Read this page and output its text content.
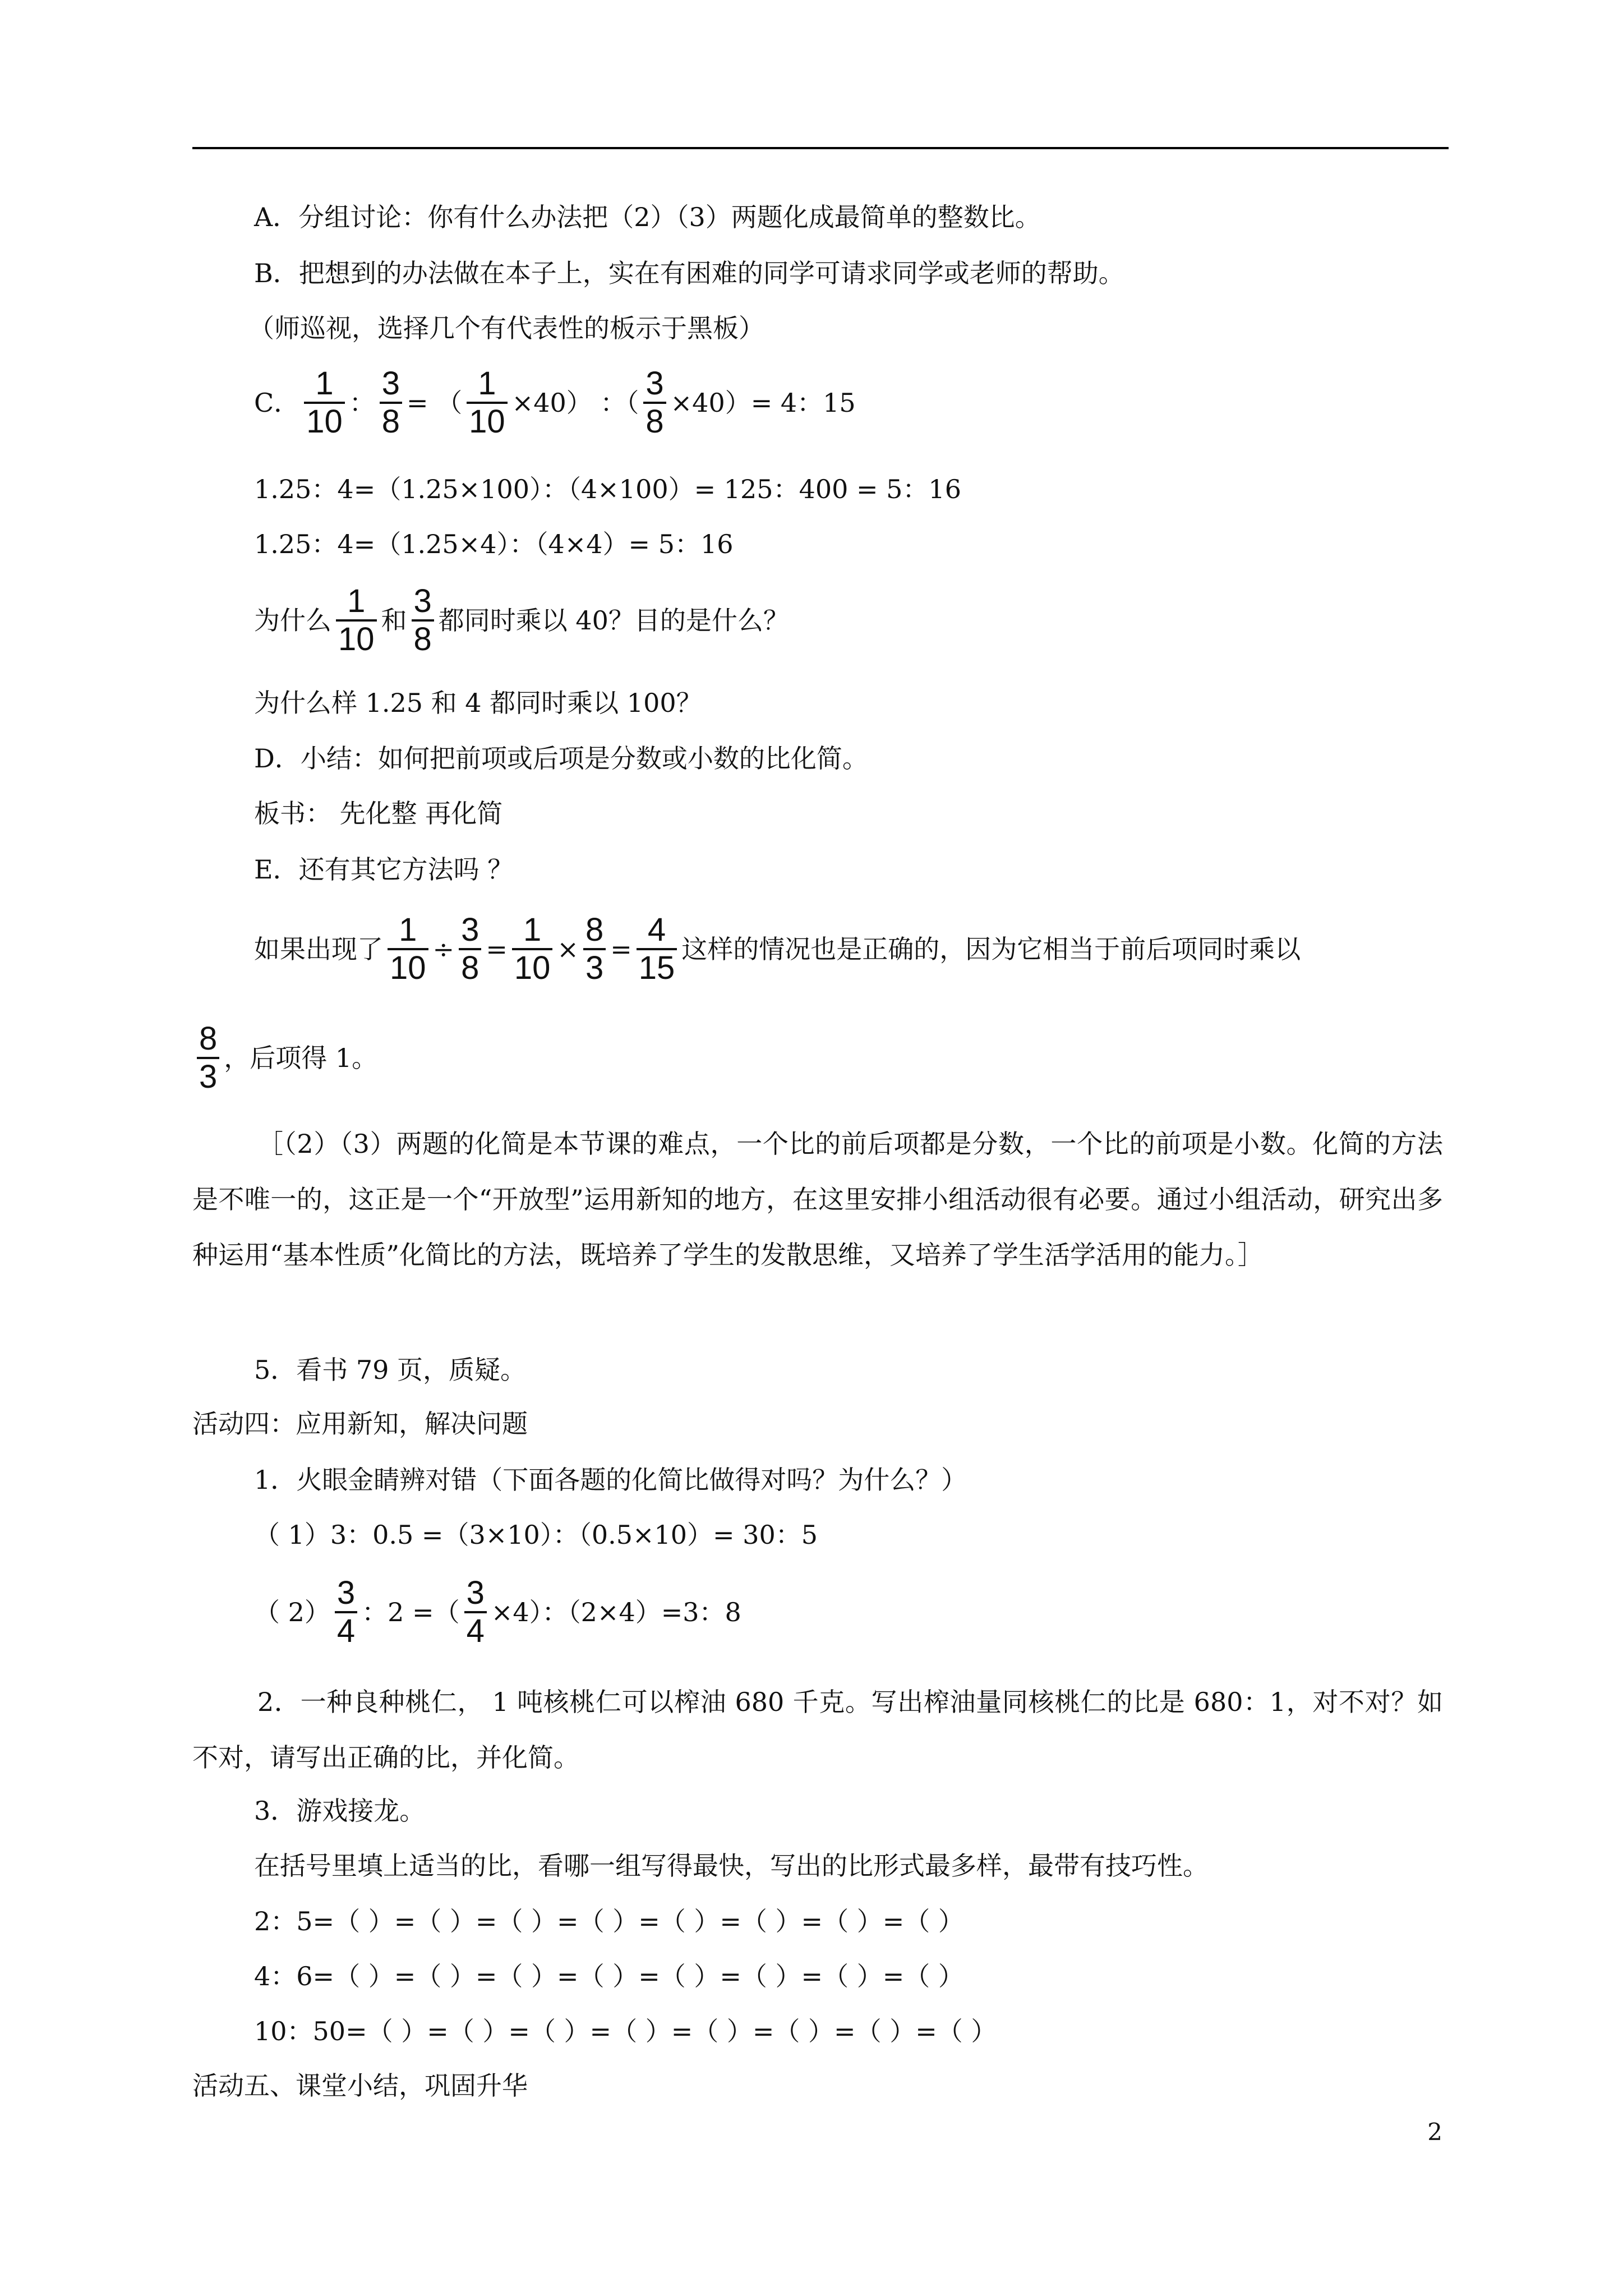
A．分组讨论：你有什么办法把（2）（3）两题化成最简单的整数比。
B．把想到的办法做在本子上，实在有困难的同学可请求同学或老师的帮助。
（师巡视，选择几个有代表性的板示于黑板）
C． $\frac{1}{10}$ ： $\frac{3}{8}$ = （ $\frac{1}{10} \times 40$） ：（ $\frac{3}{8} \times 40)= 4$：15
1.25：4=（1.25×100）：（4×100）= 125：400 = 5：16
1.25：4=（1.25×4）：（4×4）= 5：16
为什么 $\frac{1}{10}$ 和 $\frac{3}{8}$ 都同时乘以 40？目的是什么？
为什么样 1.25 和 4 都同时乘以 100？
D．小结：如何把前项或后项是分数或小数的比化简。
板书： 先化整 再化简
E．还有其它方法吗 ？
如果出现了 $\frac{1}{10} \div \frac{3}{8} = \frac{1}{10} \times \frac{8}{3} = \frac{4}{15}$ 这样的情况也是正确的，因为它相当于前后项同时乘以
$\frac{8}{3}$ ，后项得 1。
［（2）（3）两题的化简是本节课的难点，一个比的前后项都是分数，一个比的前项是小数。化简的方法是不唯一的，这正是一个“开放型”运用新知的地方，在这里安排小组活动很有必要。通过小组活动，研究出多种运用“基本性质”化简比的方法，既培养了学生的发散思维，又培养了学生活学活用的能力。］
5．看书 79 页，质疑。
活动四：应用新知，解决问题
1．火眼金睛辨对错（下面各题的化简比做得对吗？为什么？）
（ 1）3：0.5 =（3×10）：（0.5×10）= 30：5
（ $2) \frac{3}{4}$ ：2 =（ $\frac{3}{4} \times 4$）：（2×4）=3：8
2．一种良种桃仁， 1 吨核桃仁可以榨油 680 千克。写出榨油量同核桃仁的比是 680：1，对不对？如不对，请写出正确的比，并化简。
3．游戏接龙。
在括号里填上适当的比，看哪一组写得最快，写出的比形式最多样，最带有技巧性。
2：5=（ ）=（ ）=（ ）=（ ）=（ ）=（ ）=（ ）=（ ）
4：6=（ ）=（ ）=（ ）=（ ）=（ ）=（ ）=（ ）=（ ）
10：50=（ ）=（ ）=（ ）=（ ）=（ ）=（ ）=（ ）=（ ）
活动五、课堂小结，巩固升华
2
